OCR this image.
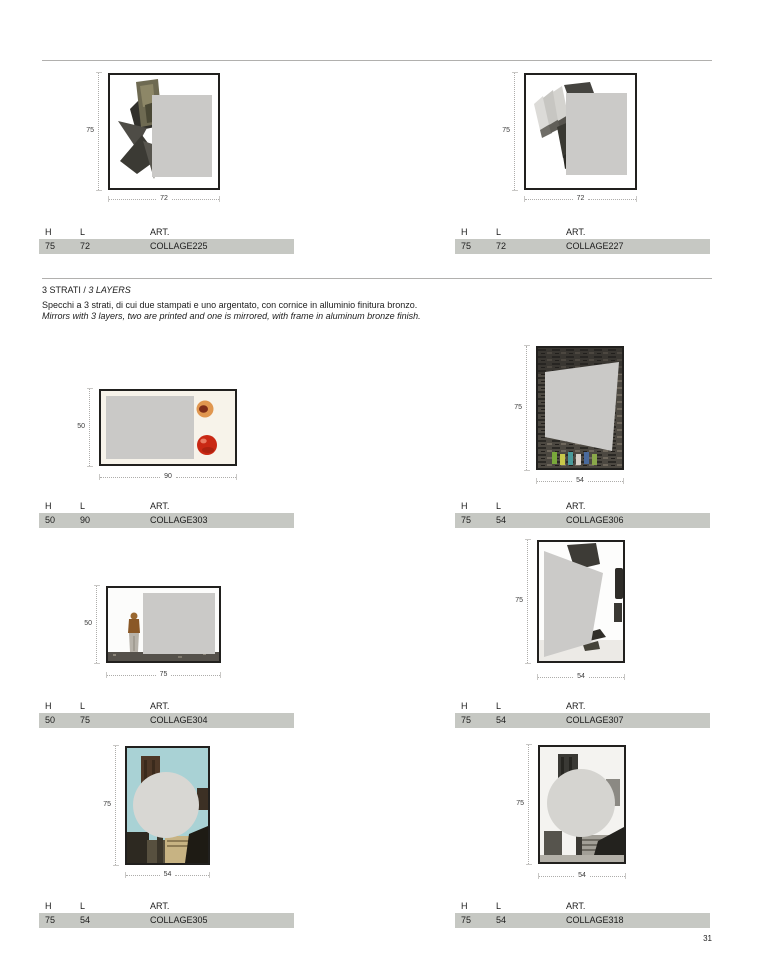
75
72
H	L	ART.
75	72	COLLAGE225
75
72
H	L	ART.
75	72	COLLAGE227
3 STRATI / 3 LAYERS
Specchi a 3 strati, di cui due stampati e uno argentato, con cornice in alluminio finitura bronzo.
Mirrors with 3 layers, two are printed and one is mirrored, with frame in aluminum bronze finish.
50
90
H	L	ART.
50	90	COLLAGE303
75
54
H	L	ART.
75	54	COLLAGE306
50
75
H	L	ART.
50	75	COLLAGE304
75
54
H	L	ART.
75	54	COLLAGE307
75
54
H	L	ART.
75	54	COLLAGE305
75
54
H	L	ART.
75	54	COLLAGE318
31
